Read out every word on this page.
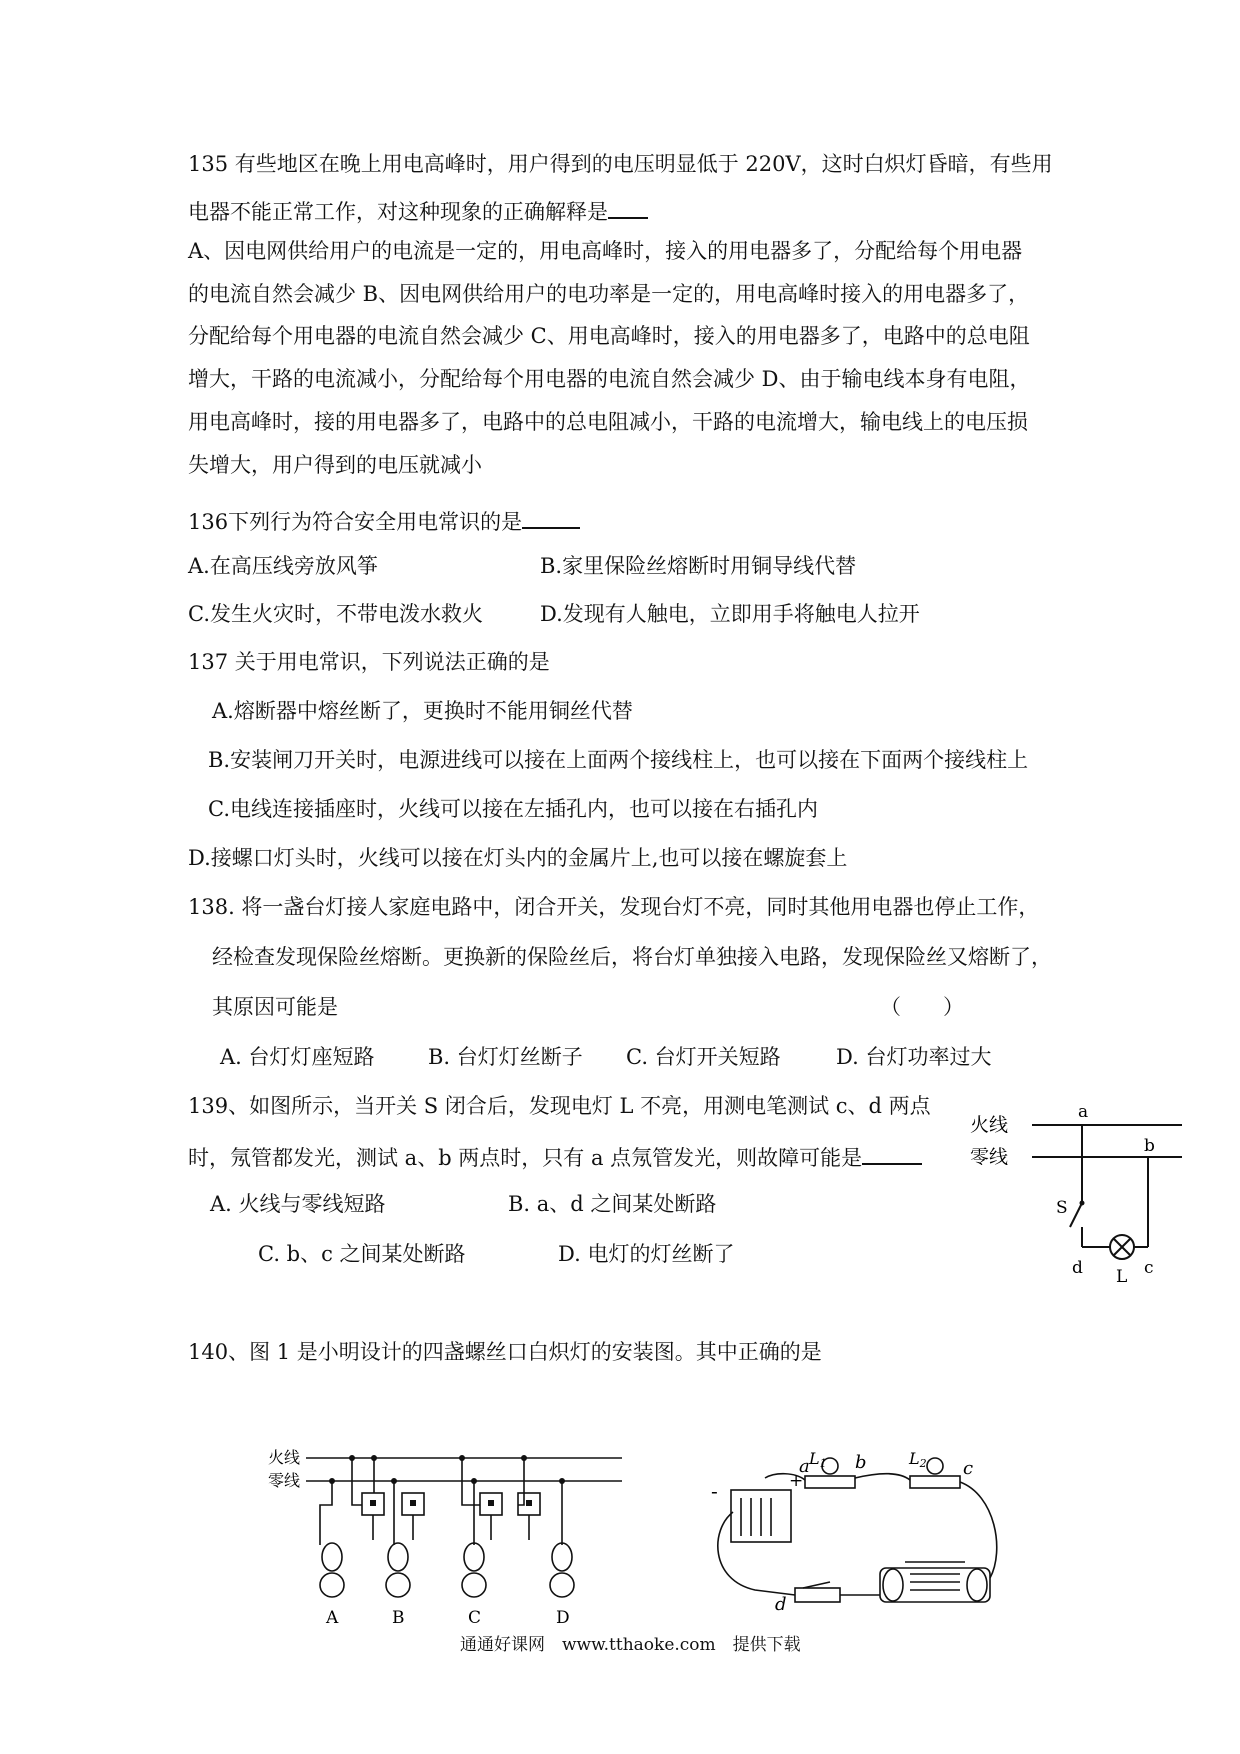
135 有些地区在晚上用电高峰时，用户得到的电压明显低于 220V，这时白炽灯昏暗，有些用
电器不能正常工作，对这种现象的正确解释是
A、因电网供给用户的电流是一定的，用电高峰时，接入的用电器多了，分配给每个用电器
的电流自然会减少 B、因电网供给用户的电功率是一定的，用电高峰时接入的用电器多了，
分配给每个用电器的电流自然会减少 C、用电高峰时，接入的用电器多了，电路中的总电阻
增大，干路的电流减小，分配给每个用电器的电流自然会减少 D、由于输电线本身有电阻，
用电高峰时，接的用电器多了，电路中的总电阻减小，干路的电流增大，输电线上的电压损
失增大，用户得到的电压就减小
136下列行为符合安全用电常识的是
A.在高压线旁放风筝	B.家里保险丝熔断时用铜导线代替
C.发生火灾时，不带电泼水救火	D.发现有人触电，立即用手将触电人拉开
137 关于用电常识，下列说法正确的是
A.熔断器中熔丝断了，更换时不能用铜丝代替
B.安装闸刀开关时，电源进线可以接在上面两个接线柱上，也可以接在下面两个接线柱上
C.电线连接插座时，火线可以接在左插孔内，也可以接在右插孔内
D.接螺口灯头时，火线可以接在灯头内的金属片上,也可以接在螺旋套上
138. 将一盏台灯接人家庭电路中，闭合开关，发现台灯不亮，同时其他用电器也停止工作，
经检查发现保险丝熔断。更换新的保险丝后，将台灯单独接入电路，发现保险丝又熔断了，
其原因可能是	（　　）
A. 台灯灯座短路	B. 台灯灯丝断子 C. 台灯开关短路	D. 台灯功率过大
139、如图所示，当开关 S 闭合后，发现电灯 L 不亮，用测电笔测试 c、d 两点
时，氖管都发光，测试 a、b 两点时，只有 a 点氖管发光，则故障可能是
A. 火线与零线短路	B. a、d 之间某处断路
C. b、c 之间某处断路	D. 电灯的灯丝断了
火线
零线
a
b
c
d
S
L
140、图 1 是小明设计的四盏螺丝口白炽灯的安装图。其中正确的是
火线
零线
A	B	C	D
-	+
a	b	c
d
L1	L2
通通好课网　www.tthaoke.com　提供下载
